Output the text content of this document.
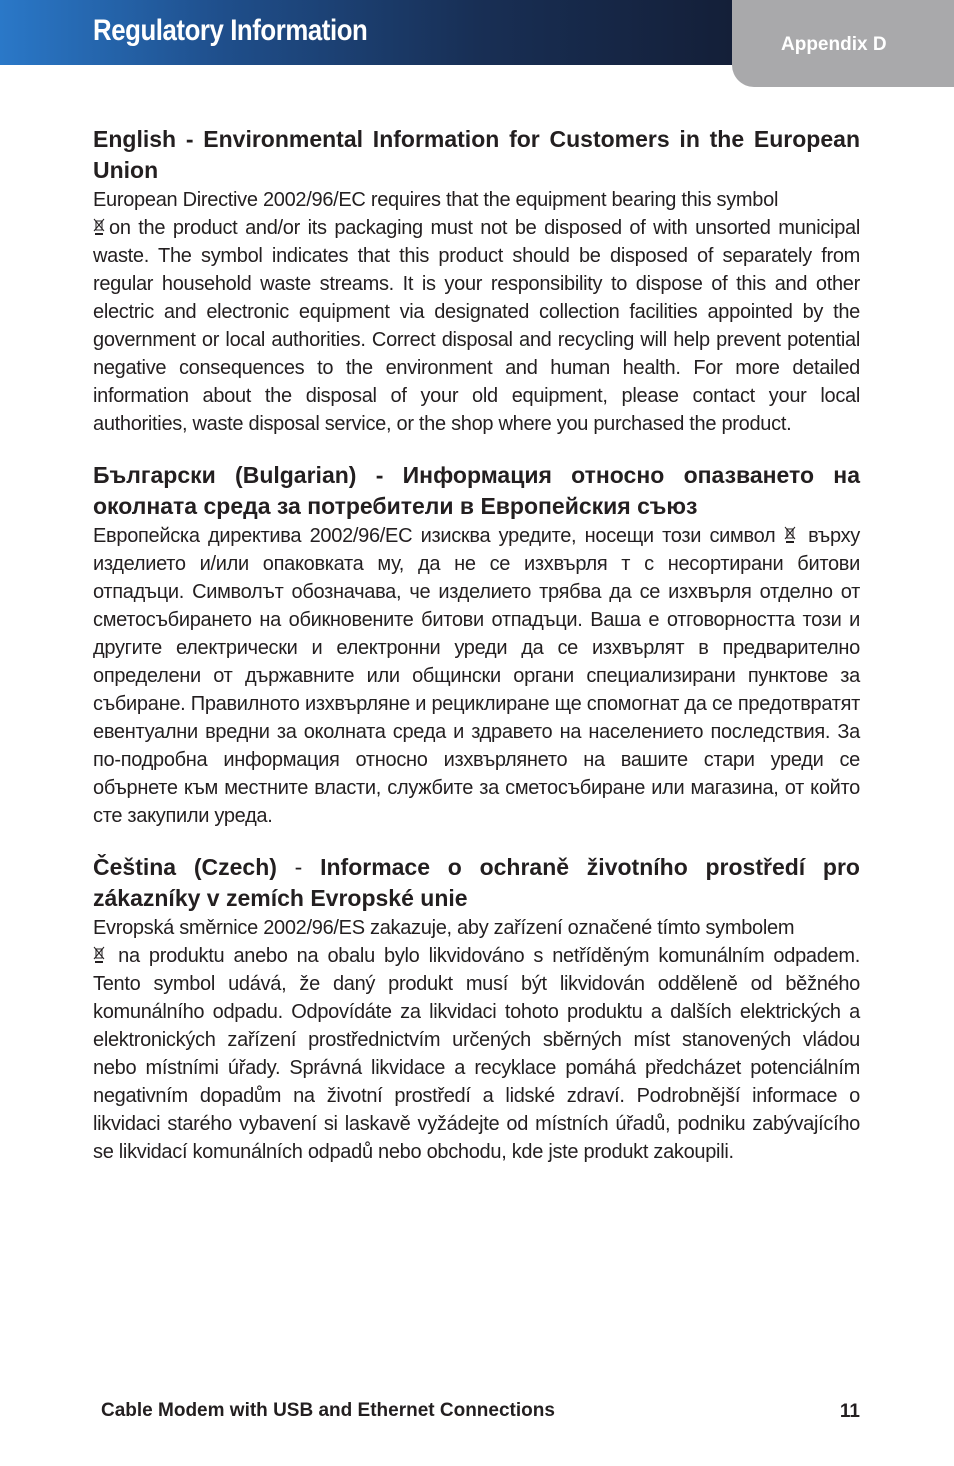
Regulatory Information	Appendix D
English - Environmental Information for Customers in the European Union

European Directive 2002/96/EC requires that the equipment bearing this symbol
on the product and/or its packaging must not be disposed of with unsorted municipal waste. The symbol indicates that this product should be disposed of separately from regular household waste streams. It is your responsibility to dispose of this and other electric and electronic equipment via designated collection facilities appointed by the government or local authorities. Correct disposal and recycling will help prevent potential negative consequences to the environment and human health. For more detailed information about the disposal of your old equipment, please contact your local authorities, waste disposal service, or the shop where you purchased the product.

Български (Bulgarian) - Информация относно опазването на околната среда за потребители в Европейския съюз

Европейска директива 2002/96/EC изисква уредите, носещи този символ върху изделието и/или опаковката му, да не се изхвърля т с несортирани битови отпадъци. Символът обозначава, че изделието трябва да се изхвърля отделно от сметосъбирането на обикновените битови отпадъци. Ваша е отговорността този и другите електрически и електронни уреди да се изхвърлят в предварително определени от държавните или общински органи специализирани пунктове за събиране. Правилното изхвърляне и рециклиране ще спомогнат да се предотвратят евентуални вредни за околната среда и здравето на населението последствия. За по-подробна информация относно изхвърлянето на вашите стари уреди се обърнете към местните власти, службите за сметосъбиране или магазина, от който сте закупили уреда.

Čeština (Czech) - Informace o ochraně životního prostředí pro zákazníky v zemích Evropské unie

Evropská směrnice 2002/96/ES zakazuje, aby zařízení označené tímto symbolem
na produktu anebo na obalu bylo likvidováno s netříděným komunálním odpadem. Tento symbol udává, že daný produkt musí být likvidován odděleně od běžného komunálního odpadu. Odpovídáte za likvidaci tohoto produktu a dalších elektrických a elektronických zařízení prostřednictvím určených sběrných míst stanovených vládou nebo místními úřady. Správná likvidace a recyklace pomáhá předcházet potenciálním negativním dopadům na životní prostředí a lidské zdraví. Podrobnější informace o likvidaci starého vybavení si laskavě vyžádejte od místních úřadů, podniku zabývajícího se likvidací komunálních odpadů nebo obchodu, kde jste produkt zakoupili.

Cable Modem with USB and Ethernet Connections	11
